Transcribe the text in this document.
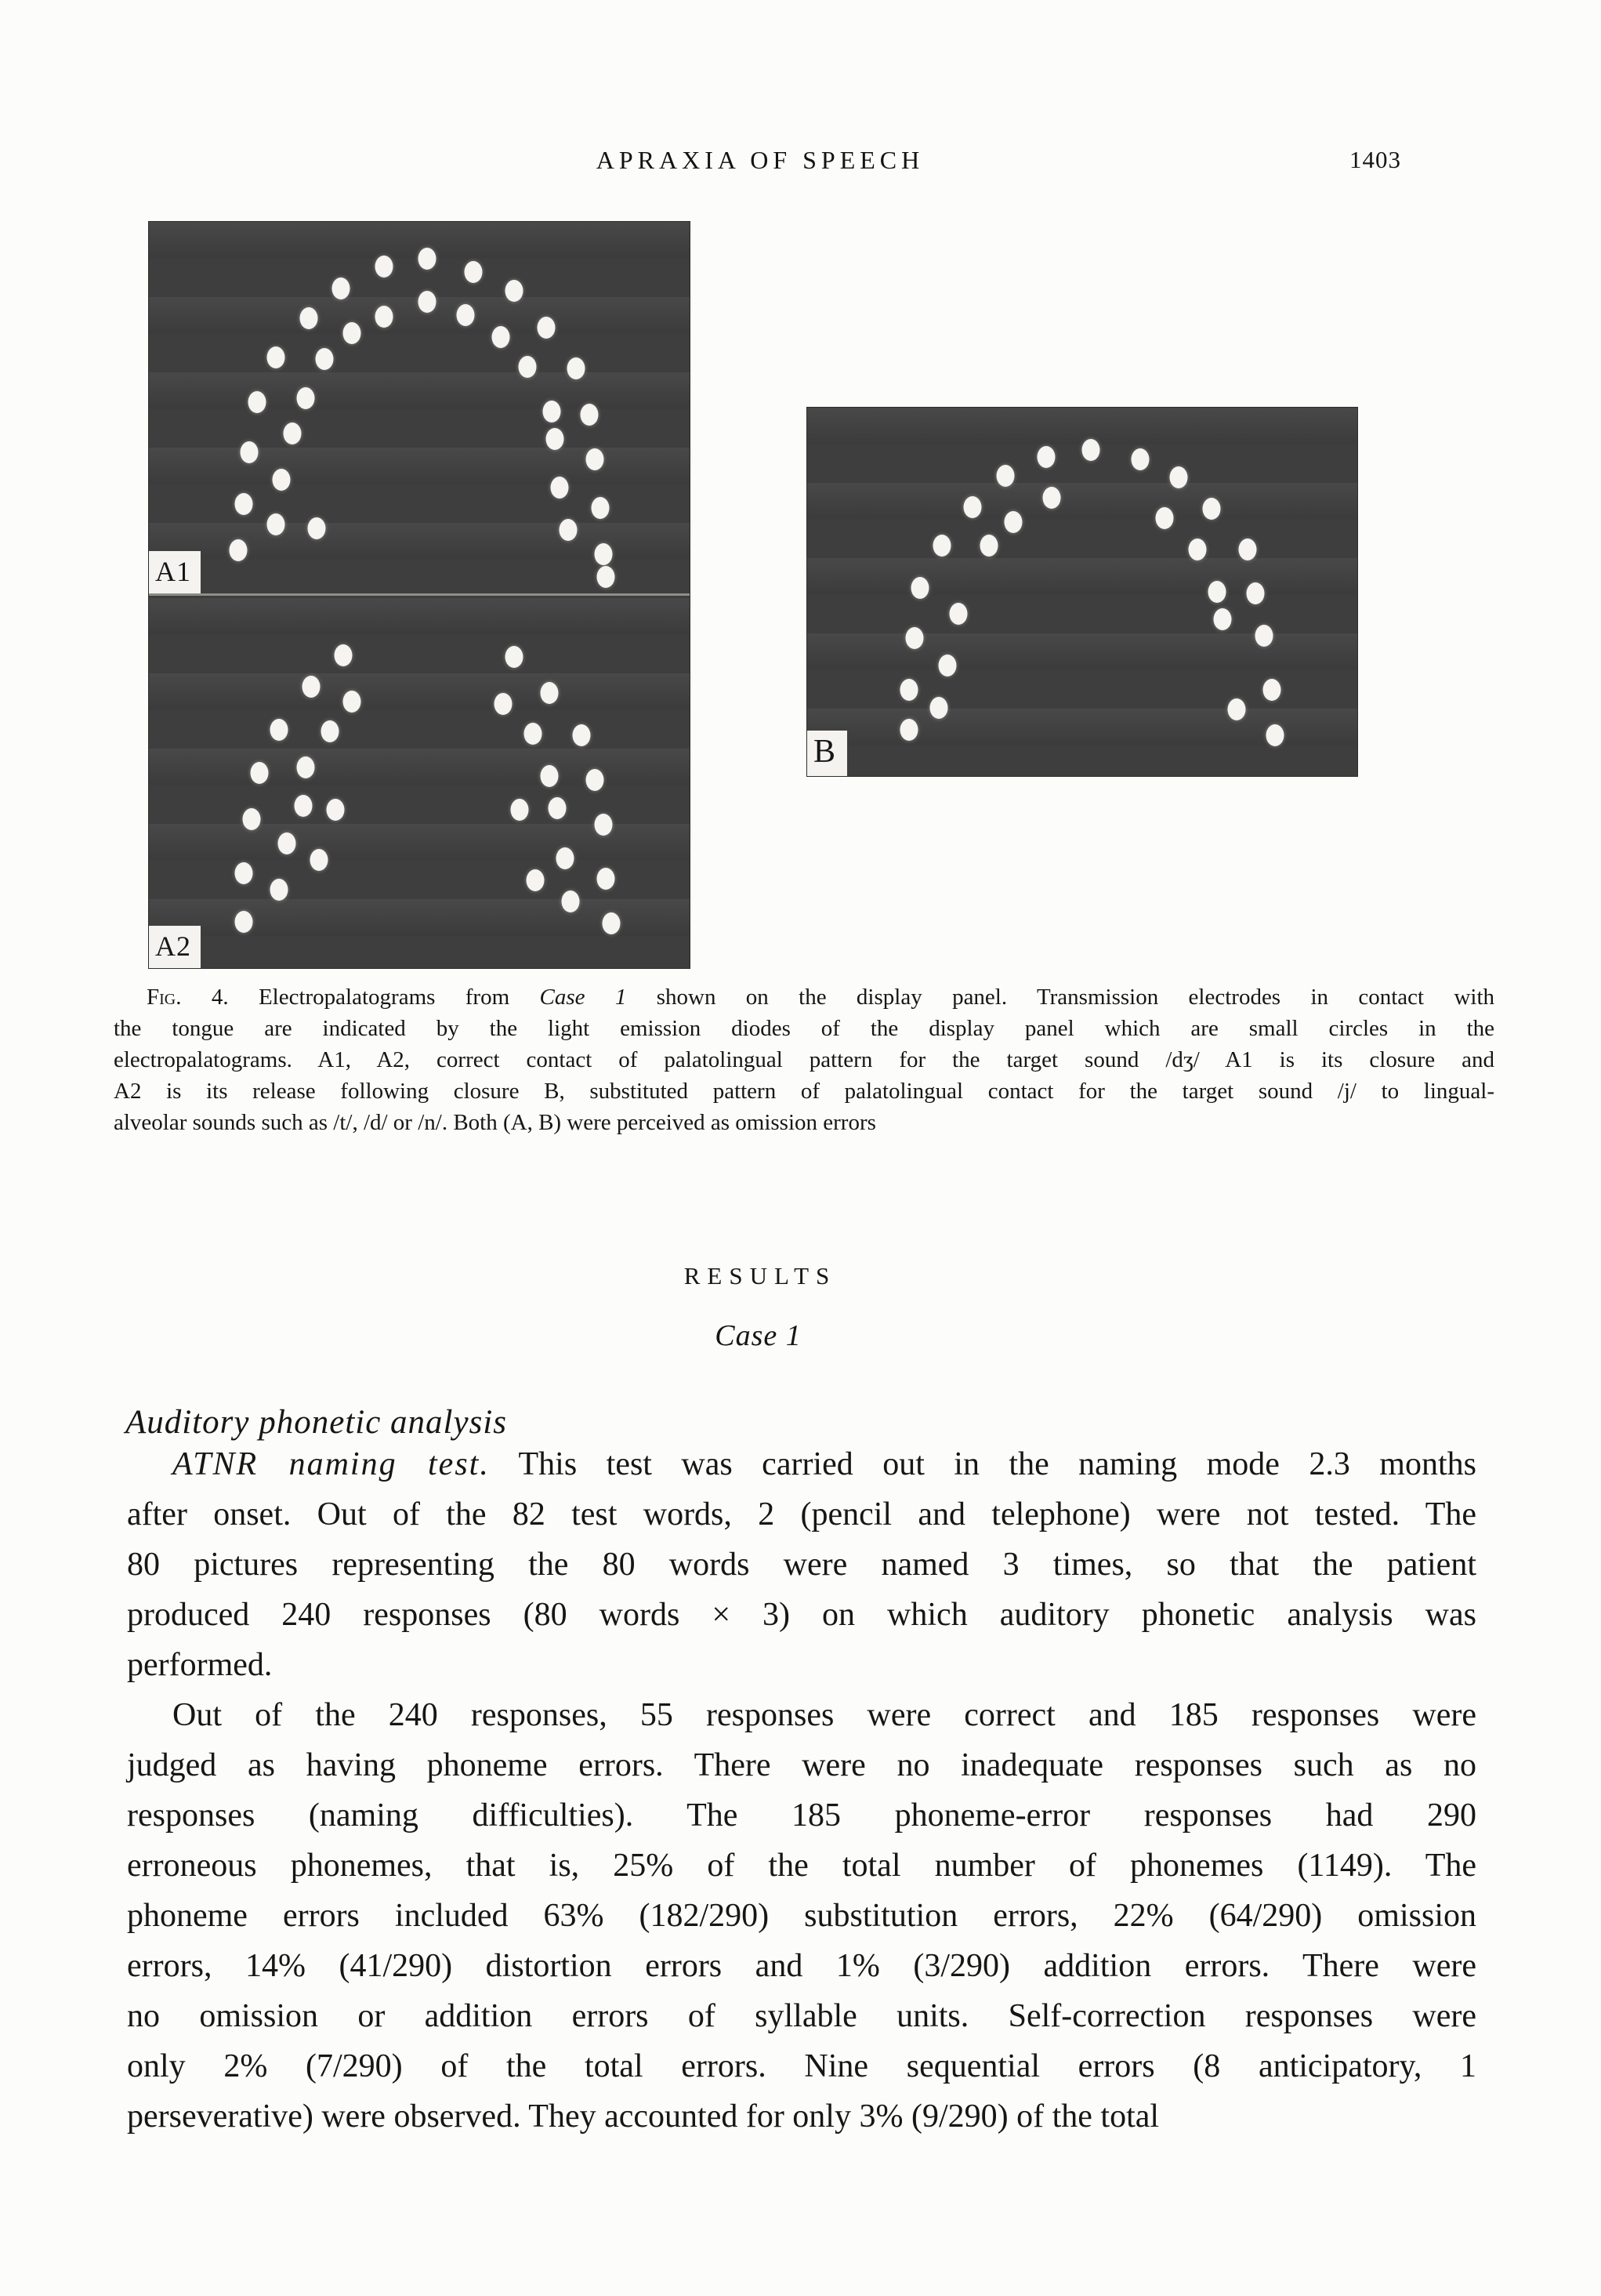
APRAXIA OF SPEECH	1403
A1
A2
B
Fig. 4. Electropalatograms from Case 1 shown on the display panel. Transmission electrodes in contact with
the tongue are indicated by the light emission diodes of the display panel which are small circles in the
electropalatograms. A1, A2, correct contact of palatolingual pattern for the target sound /dʒ/ A1 is its closure and
A2 is its release following closure B, substituted pattern of palatolingual contact for the target sound /j/ to lingual-
alveolar sounds such as /t/, /d/ or /n/. Both (A, B) were perceived as omission errors
RESULTS
Case 1
Auditory phonetic analysis
ATNR naming test. This test was carried out in the naming mode 2.3 months
after onset. Out of the 82 test words, 2 (pencil and telephone) were not tested. The
80 pictures representing the 80 words were named 3 times, so that the patient
produced 240 responses (80 words × 3) on which auditory phonetic analysis was
performed.
Out of the 240 responses, 55 responses were correct and 185 responses were
judged as having phoneme errors. There were no inadequate responses such as no
responses (naming difficulties). The 185 phoneme-error responses had 290
erroneous phonemes, that is, 25% of the total number of phonemes (1149). The
phoneme errors included 63% (182/290) substitution errors, 22% (64/290) omission
errors, 14% (41/290) distortion errors and 1% (3/290) addition errors. There were
no omission or addition errors of syllable units. Self-correction responses were
only 2% (7/290) of the total errors. Nine sequential errors (8 anticipatory, 1
perseverative) were observed. They accounted for only 3% (9/290) of the total
